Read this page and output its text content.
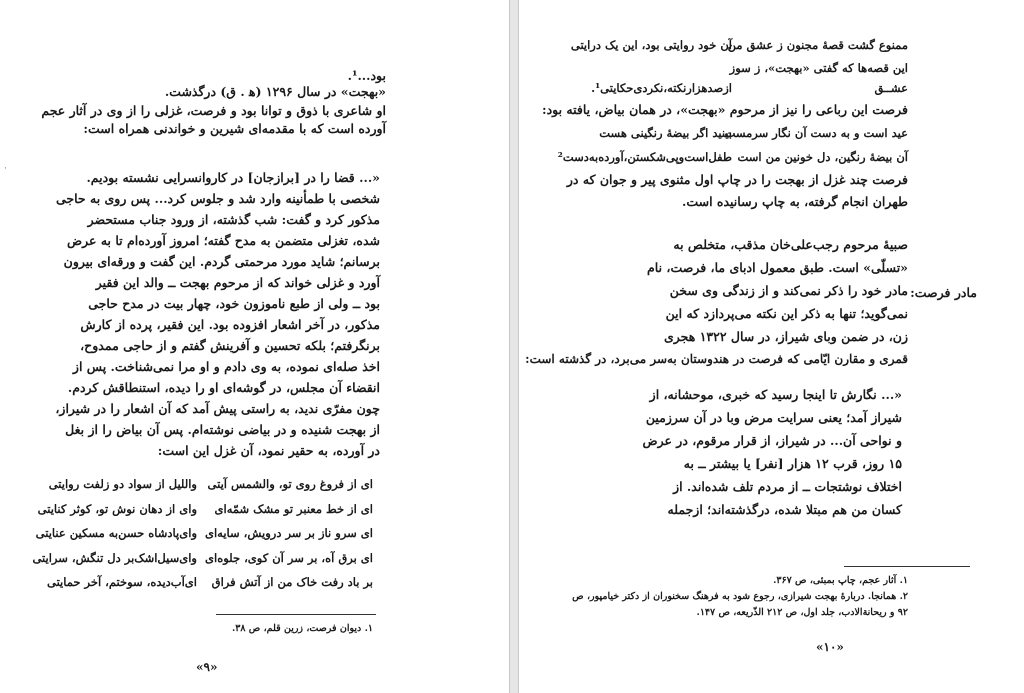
بود...¹.
«بهجت» در سال ۱۲۹۶ (ﻫ . ق) درگذشت.
او شاعری با ذوق و توانا بود و فرصت، غزلی را از وی در آثار عجم
آورده است که با مقدمه‌ای شیرین و خواندنی همراه است:
«... قضا را در [برازجان] در کاروانسرایی نشسته بودیم.
شخصی با طمأنینه وارد شد و جلوس کرد... پس روی به حاجی
مذکور کرد و گفت: شب گذشته، از ورود جناب مستحضر
شده، تغزلی متضمن به مدح گفته؛ امروز آورده‌ام تا به عرض
برسانم؛ شاید مورد مرحمتی گردم. این گفت و ورقه‌ای بیرون
آورد و غزلی خواند که از مرحوم بهجت ــ والد این فقیر
بود ــ ولی از طبع ناموزون خود، چهار بیت در مدح حاجی
مذکور، در آخر اشعار افزوده بود. این فقیر، پرده از کارش
برنگرفتم؛ بلکه تحسین و آفرینش گفتم و از حاجی ممدوح،
اخذ صله‌ای نموده، به وی دادم و او مرا نمی‌شناخت. پس از
انقضاء آن مجلس، در گوشه‌ای او را دیده، استنطاقش کردم.
چون مفرّی ندید، به راستی پیش آمد که آن اشعار را در شیراز،
از بهجت شنیده و در بیاضی نوشته‌ام. پس آن بیاض را از بغل
در آورده، به حقیر نمود، آن غزل این است:
ای از فروغ روی تو، والشمس آیتی
واللیل از سواد دو زلفت روایتی
ای از خط معنبر تو مشک شمّه‌ای
وای از دهان نوش تو، کوثر کنایتی
ای سرو ناز بر سر درویش، سایه‌ای
وای‌پادشاه حسن‌به مسکین عنایتی
ای برق آه، بر سر آن کوی، جلوه‌ای
وای‌سیل‌اشک‌بر دل تنگش، سرایتی
بر باد رفت خاک من از آتش فراق
ای‌آب‌دیده، سوختم، آخر حمایتی
۱. دیوان فرصت، زرین قلم، ص ۳۸.
«۹»
·
ممنوع گشت قصهٔ مجنون ز عشق من
آن خود روایتی بود، این یک درایتی
این قصه‌ها که گفتی «بهجت»، ز سوز
عشــق
ازصدهزارنکته،نکردی‌حکایتی¹.
فرصت این رباعی را نیز از مرحوم «بهجت»، در همان بیاض، یافته بود:
عید است و به دست آن نگار سرمست
بینید اگر بیضهٔ رنگینی هست
آن بیضهٔ رنگین، دل خونین من است
طفل‌است‌وپی‌شکستن،آورده‌به‌دست²
فرصت چند غزل از بهجت را در چاپ اول مثنوی پیر و جوان که در
طهران انجام گرفته، به چاپ رسانیده است.
مادر فرصت:
صبیهٔ مرحوم رجب‌علی‌خان مذقب، متخلص به
«تسلّی» است. طبق معمول ادبای ما، فرصت، نام
مادر خود را ذکر نمی‌کند و از زندگی وی سخن
نمی‌گوید؛ تنها به ذکر این نکته می‌پردازد که این
زن، در ضمن وبای شیراز، در سال ۱۳۲۲ هجری
قمری و مقارن ایّامی که فرصت در هندوستان به‌سر می‌برد، در گذشته است:
«... نگارش تا اینجا رسید که خبری، موحشانه، از
شیراز آمد؛ یعنی سرایت مرض وبا در آن سرزمین
و نواحی آن... در شیراز، از قرار مرقوم، در عرض
۱۵ روز، قرب ۱۲ هزار [نفر] یا بیشتر ــ به
اختلاف نوشتجات ــ از مردم تلف شده‌اند. از
کسان من هم مبتلا شده، درگذشته‌اند؛ ازجمله
۱. آثار عجم، چاپ بمبئی، ص ۳۶۷.
۲. همانجا. دربارهٔ بهجت شیرازی، رجوع شود به فرهنگ سخنوران از دکتر خیامپور، ص
۹۲ و ریحانة‌الادب، جلد اول، ص ۲۱۲ الذّریعه، ص ۱۴۷.
«۱۰»
